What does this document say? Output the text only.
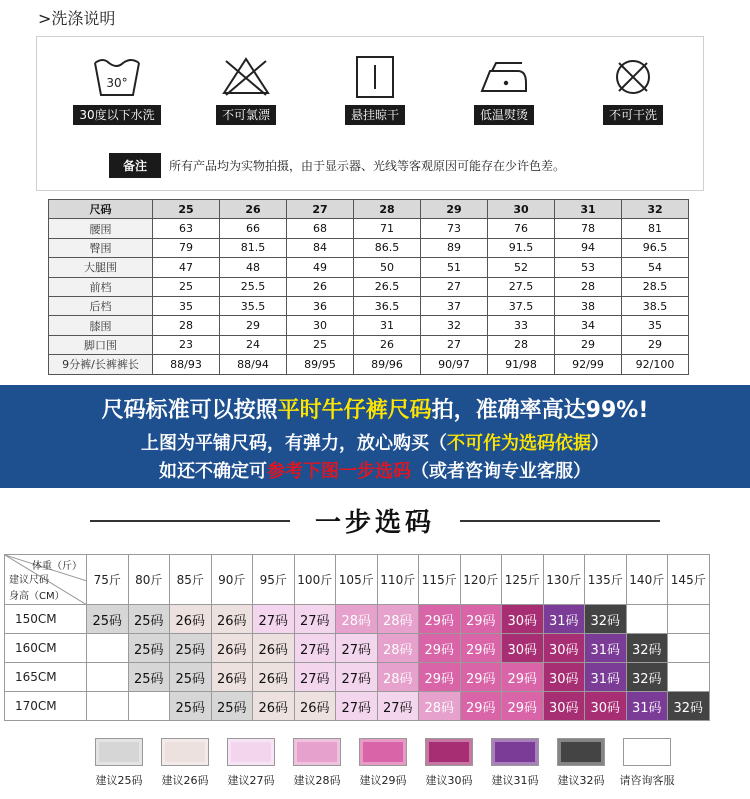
>洗涤说明
30°
30度以下水洗	不可氯漂	悬挂晾干	低温熨烫	不可干洗
备注	所有产品均为实物拍摄，由于显示器、光线等客观原因可能存在少许色差。
尺码	25	26	27	28	29	30	31	32
腰围	63	66	68	71	73	76	78	81
臀围	79	81.5	84	86.5	89	91.5	94	96.5
大腿围	47	48	49	50	51	52	53	54
前档	25	25.5	26	26.5	27	27.5	28	28.5
后档	35	35.5	36	36.5	37	37.5	38	38.5
膝围	28	29	30	31	32	33	34	35
脚口围	23	24	25	26	27	28	29	29
9分裤/长裤裤长	88/93	88/94	89/95	89/96	90/97	91/98	92/99	92/100
尺码标准可以按照平时牛仔裤尺码拍，准确率高达99%!
上图为平铺尺码，有弹力，放心购买（不可作为选码依据）
如还不确定可参考下图一步选码（或者咨询专业客服）
一步选码
体重（斤）
建议尺码
身高（CM）	75斤	80斤	85斤	90斤	95斤	100斤	105斤	110斤	115斤	120斤	125斤	130斤	135斤	140斤	145斤
150CM	25码	25码	26码	26码	27码	27码	28码	28码	29码	29码	30码	31码	32码		
160CM		25码	25码	26码	26码	27码	27码	28码	29码	29码	30码	30码	31码	32码	
165CM		25码	25码	26码	26码	27码	27码	28码	29码	29码	29码	30码	31码	32码	
170CM			25码	25码	26码	26码	27码	27码	28码	29码	29码	30码	30码	31码	32码
建议25码 建议26码 建议27码 建议28码 建议29码 建议30码 建议31码 建议32码 请咨询客服
